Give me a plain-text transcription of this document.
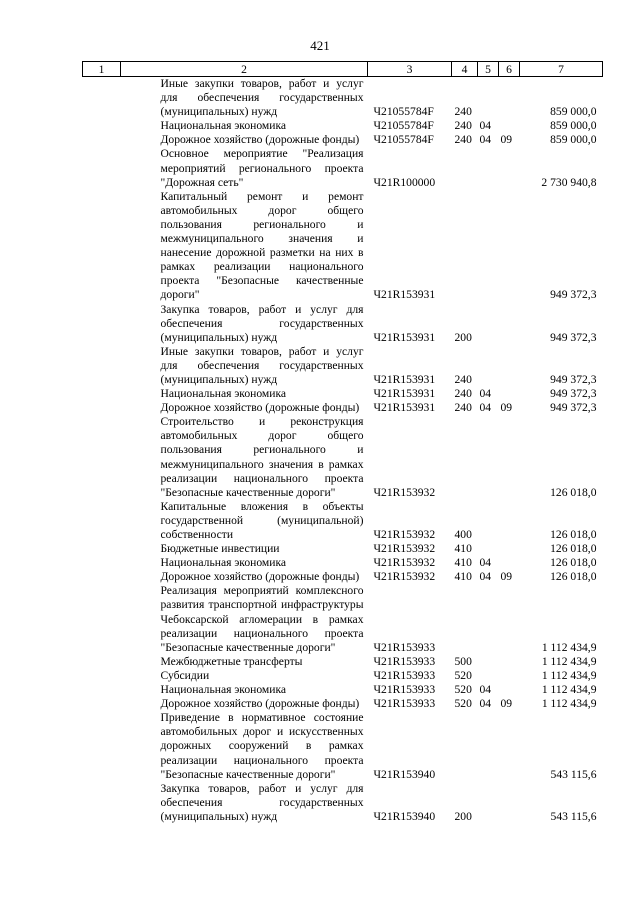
421
1	2	3	4	5	6	7
	Иные закупки товаров, работ и услуг для обеспечения государственных (муниципальных) нужд	Ч21055784F	240			859 000,0
	Национальная экономика	Ч21055784F	240	04		859 000,0
	Дорожное хозяйство (дорожные фонды)	Ч21055784F	240	04	09	859 000,0
	Основное мероприятие "Реализация мероприятий регионального проекта "Дорожная сеть"	Ч21R100000				2 730 940,8
	Капитальный ремонт и ремонт автомобильных дорог общего пользования регионального и межмуниципального значения и нанесение дорожной разметки на них в рамках реализации национального проекта "Безопасные качественные дороги"	Ч21R153931				949 372,3
	Закупка товаров, работ и услуг для обеспечения государственных (муниципальных) нужд	Ч21R153931	200			949 372,3
	Иные закупки товаров, работ и услуг для обеспечения государственных (муниципальных) нужд	Ч21R153931	240			949 372,3
	Национальная экономика	Ч21R153931	240	04		949 372,3
	Дорожное хозяйство (дорожные фонды)	Ч21R153931	240	04	09	949 372,3
	Строительство и реконструкция автомобильных дорог общего пользования регионального и межмуниципального значения в рамках реализации национального проекта "Безопасные качественные дороги"	Ч21R153932				126 018,0
	Капитальные вложения в объекты государственной (муниципальной) собственности	Ч21R153932	400			126 018,0
	Бюджетные инвестиции	Ч21R153932	410			126 018,0
	Национальная экономика	Ч21R153932	410	04		126 018,0
	Дорожное хозяйство (дорожные фонды)	Ч21R153932	410	04	09	126 018,0
	Реализация мероприятий комплексного развития транспортной инфраструктуры Чебоксарской агломерации в рамках реализации национального проекта "Безопасные качественные дороги"	Ч21R153933				1 112 434,9
	Межбюджетные трансферты	Ч21R153933	500			1 112 434,9
	Субсидии	Ч21R153933	520			1 112 434,9
	Национальная экономика	Ч21R153933	520	04		1 112 434,9
	Дорожное хозяйство (дорожные фонды)	Ч21R153933	520	04	09	1 112 434,9
	Приведение в нормативное состояние автомобильных дорог и искусственных дорожных сооружений в рамках реализации национального проекта "Безопасные качественные дороги"	Ч21R153940				543 115,6
	Закупка товаров, работ и услуг для обеспечения государственных (муниципальных) нужд	Ч21R153940	200			543 115,6
